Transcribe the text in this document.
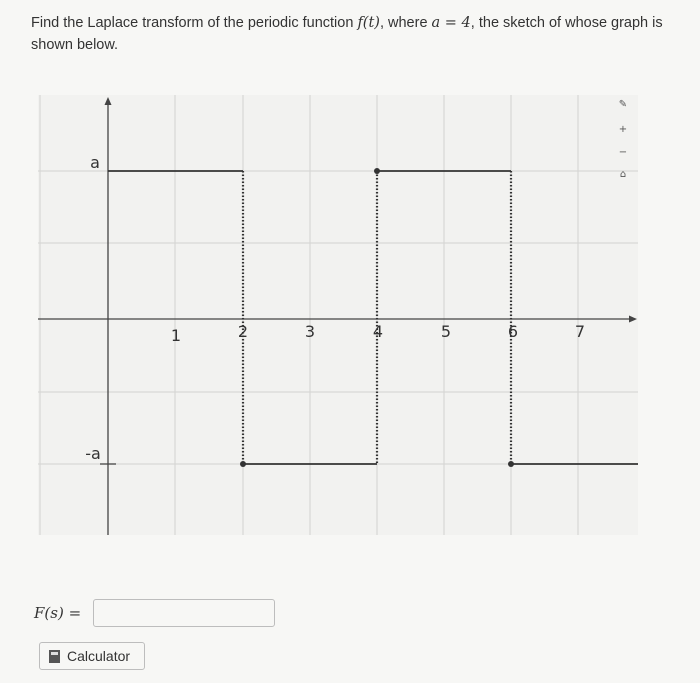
Find the Laplace transform of the periodic function f(t), where a = 4, the sketch of whose graph is shown below.
a
-a
1	2	3	4	5	6	7
✎
+
−
⌂
F(s) =
Calculator
